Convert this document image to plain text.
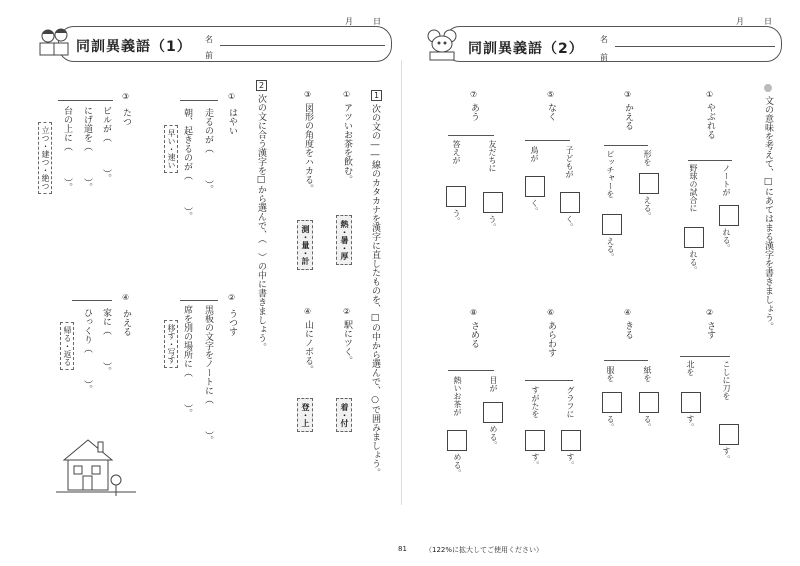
月	日
同訓異義語（1） 名
前
月	日
同訓異義語（2）
名
前
1
次の文の――線のカタカナを漢字に直したものを、□の中から選んで、○で囲みましょう。
①
アツいお茶を飲む。
熱・暑・厚
②
駅にツく。
着・付
③
図形の角度をハカる。
測・量・計
④
山にノボる。
登・上
2
次の文に合う漢字を□から選んで、（　）の中に書きましょう。
①
はやい
走るのが（　　　）。
朝、起きるのが（　　　）。
早い・速い
②
うつす
黒板の文字をノートに（　　　）。
席を別の場所に（　　　）。
移す・写す
③
たつ
ビルが（　　　）。
にげ道を（　　　）。
台の上に（　　　）。
立つ・建つ・絶つ
④
かえる
家に（　　　）。
ひっくり（　　　）。
帰る・返る
文の意味を考えて、□にあてはまる漢字を書きましょう。
①
やぶれる
ノートが
れる。
野球の試合に
れる。
②
さす
こしに刀を
す。
北を
す。
③
かえる
形を
える。
ピッチャーを
える。
④
きる
紙を
る。
服を
る。
⑤
なく
子どもが
く。
鳥が
く。
⑥
あらわす
グラフに
す。
すがたを
す。
⑦
あう
友だちに
う。
答えが
う。
⑧
さめる
目が
める。
熱いお茶が
める。
81	（122%に拡大してご使用ください）
